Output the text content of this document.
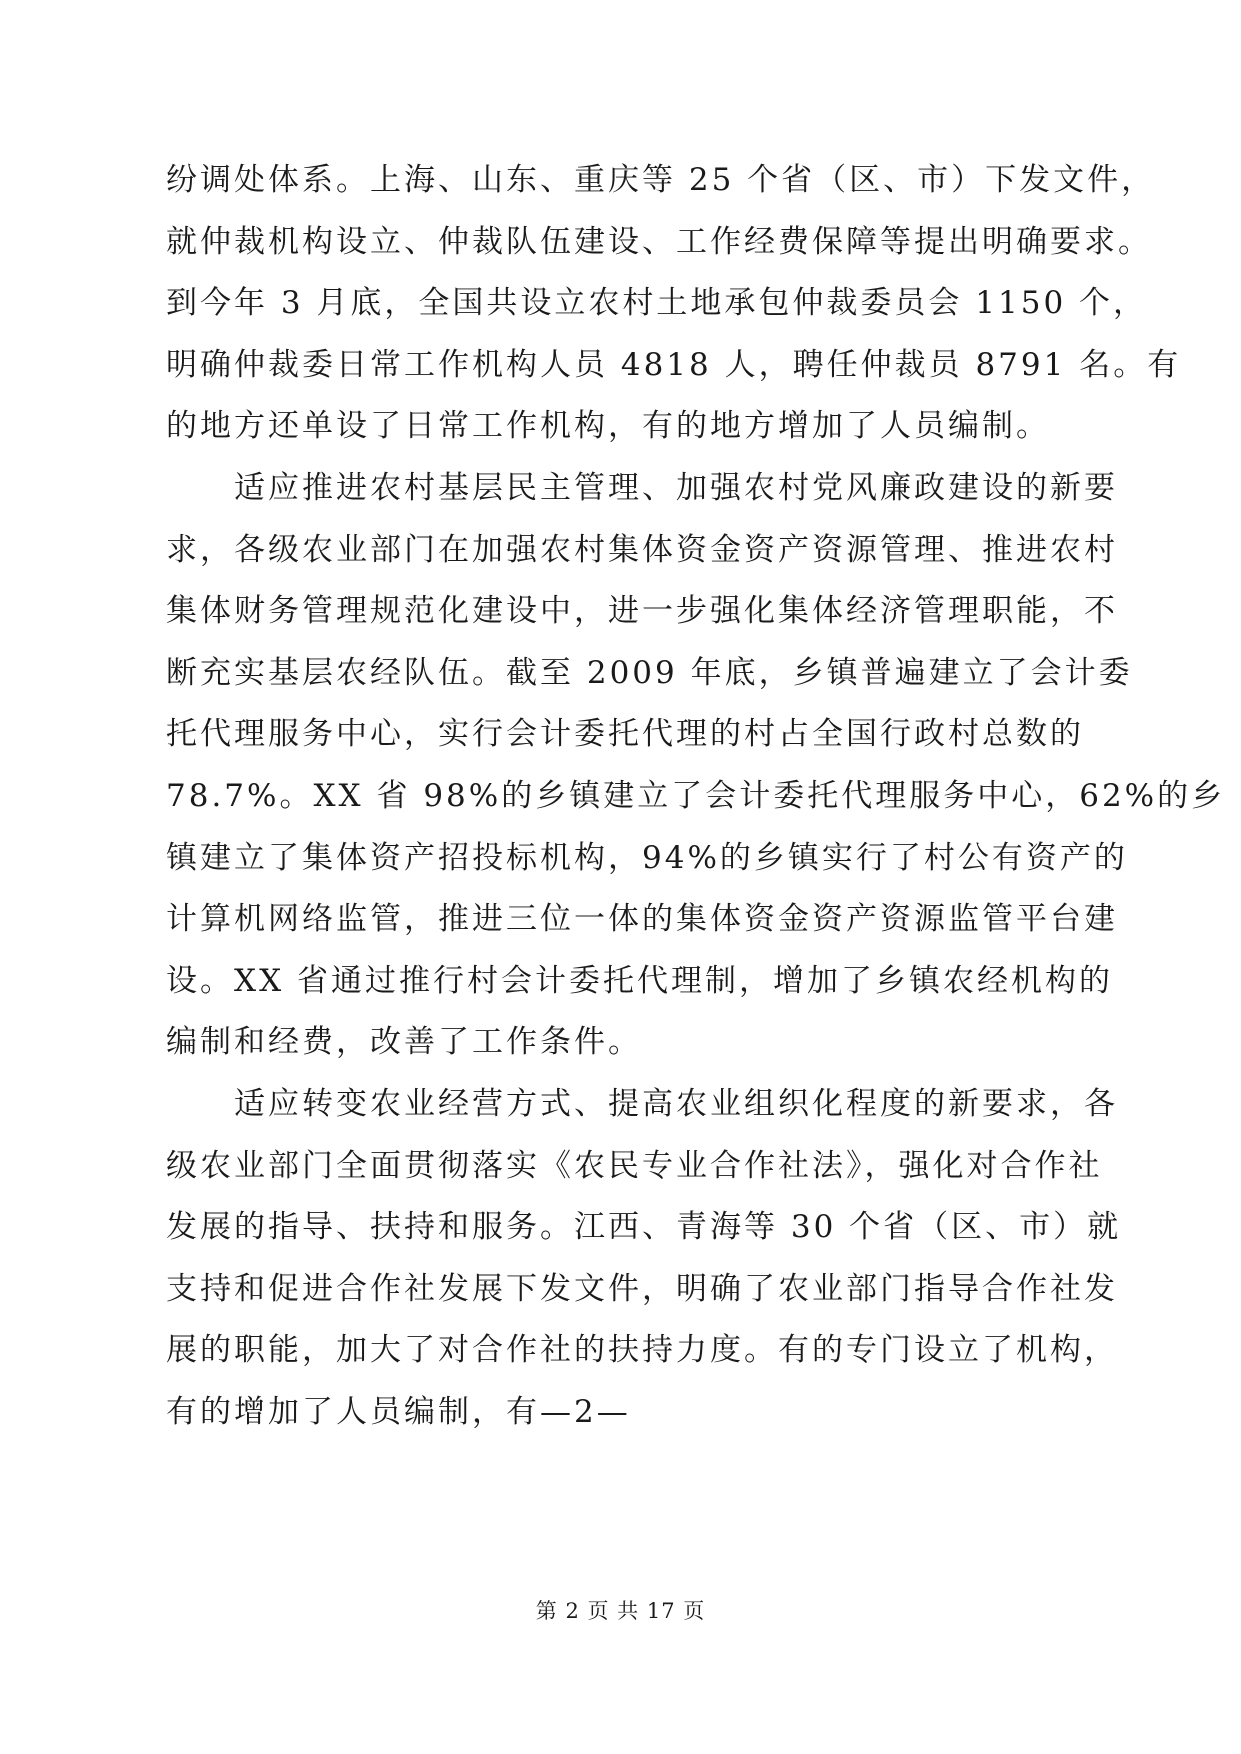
纷调处体系。上海、山东、重庆等 25 个省（区、市）下发文件，
就仲裁机构设立、仲裁队伍建设、工作经费保障等提出明确要求。
到今年 3 月底，全国共设立农村土地承包仲裁委员会 1150 个，
明确仲裁委日常工作机构人员 4818 人，聘任仲裁员 8791 名。有
的地方还单设了日常工作机构，有的地方增加了人员编制。
适应推进农村基层民主管理、加强农村党风廉政建设的新要
求，各级农业部门在加强农村集体资金资产资源管理、推进农村
集体财务管理规范化建设中，进一步强化集体经济管理职能，不
断充实基层农经队伍。截至 2009 年底，乡镇普遍建立了会计委
托代理服务中心，实行会计委托代理的村占全国行政村总数的
78.7%。XX 省 98%的乡镇建立了会计委托代理服务中心，62%的乡
镇建立了集体资产招投标机构，94%的乡镇实行了村公有资产的
计算机网络监管，推进三位一体的集体资金资产资源监管平台建
设。XX 省通过推行村会计委托代理制，增加了乡镇农经机构的
编制和经费，改善了工作条件。
适应转变农业经营方式、提高农业组织化程度的新要求，各
级农业部门全面贯彻落实《农民专业合作社法》，强化对合作社
发展的指导、扶持和服务。江西、青海等 30 个省（区、市）就
支持和促进合作社发展下发文件，明确了农业部门指导合作社发
展的职能，加大了对合作社的扶持力度。有的专门设立了机构，
有的增加了人员编制，有—2—
第 2 页 共 17 页
